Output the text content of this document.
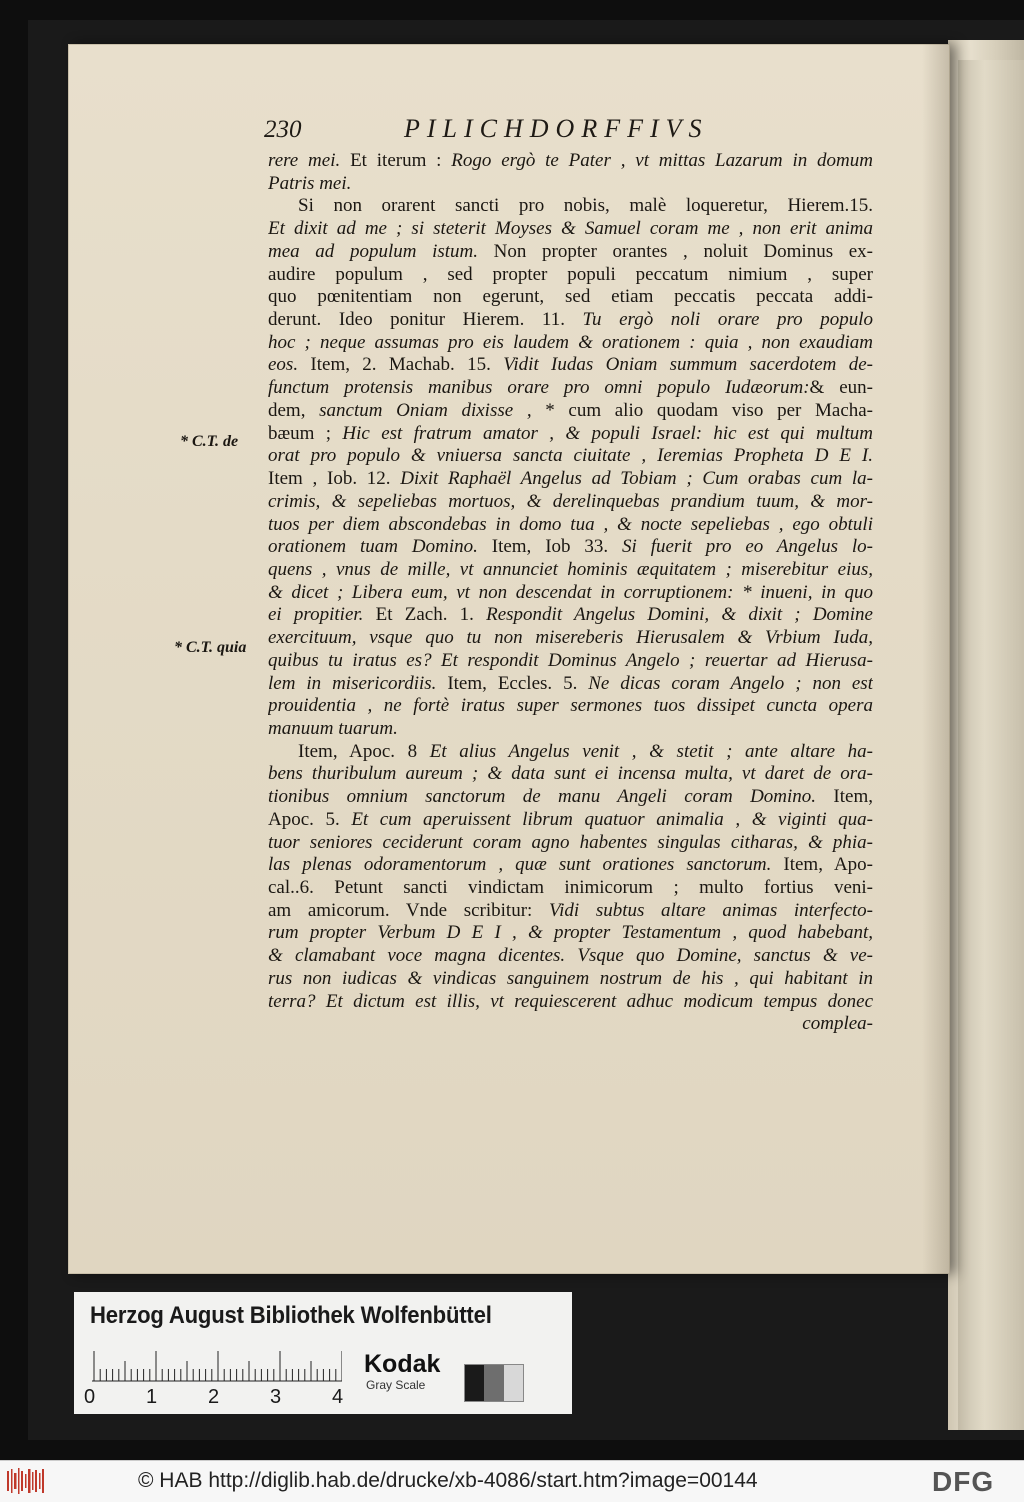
230	PILICHDORFFIVS
rere mei. Et iterum : Rogo ergò te Pater , vt mittas Lazarum in domum
Patris mei.
Si non orarent sancti pro nobis, malè loqueretur, Hierem.15.
Et dixit ad me ; si steterit Moyses & Samuel coram me , non erit anima
mea ad populum istum. Non propter orantes , noluit Dominus ex-
audire populum , sed propter populi peccatum nimium , super
quo pœnitentiam non egerunt, sed etiam peccatis peccata addi-
derunt. Ideo ponitur Hierem. 11. Tu ergò noli orare pro populo
hoc ; neque assumas pro eis laudem & orationem : quia , non exaudiam
eos. Item, 2. Machab. 15. Vidit Iudas Oniam summum sacerdotem de-
functum protensis manibus orare pro omni populo Iudæorum:& eun-
dem, sanctum Oniam dixisse , * cum alio quodam viso per Macha-
bæum ; Hic est fratrum amator , & populi Israel: hic est qui multum
orat pro populo & vniuersa sancta ciuitate , Ieremias Propheta D E I.
Item , Iob. 12. Dixit Raphaël Angelus ad Tobiam ; Cum orabas cum la-
crimis, & sepeliebas mortuos, & derelinquebas prandium tuum, & mor-
tuos per diem abscondebas in domo tua , & nocte sepeliebas , ego obtuli
orationem tuam Domino. Item, Iob 33. Si fuerit pro eo Angelus lo-
quens , vnus de mille, vt annunciet hominis æquitatem ; miserebitur eius,
& dicet ; Libera eum, vt non descendat in corruptionem: * inueni, in quo
ei propitier. Et Zach. 1. Respondit Angelus Domini, & dixit ; Domine
exercituum, vsque quo tu non misereberis Hierusalem & Vrbium Iuda,
quibus tu iratus es? Et respondit Dominus Angelo ; reuertar ad Hierusa-
lem in misericordiis. Item, Eccles. 5. Ne dicas coram Angelo ; non est
prouidentia , ne fortè iratus super sermones tuos dissipet cuncta opera
manuum tuarum.
Item, Apoc. 8 Et alius Angelus venit , & stetit ; ante altare ha-
bens thuribulum aureum ; & data sunt ei incensa multa, vt daret de ora-
tionibus omnium sanctorum de manu Angeli coram Domino. Item,
Apoc. 5. Et cum aperuissent librum quatuor animalia , & viginti qua-
tuor seniores ceciderunt coram agno habentes singulas citharas, & phia-
las plenas odoramentorum , quæ sunt orationes sanctorum. Item, Apo-
cal..6. Petunt sancti vindictam inimicorum ; multo fortius veni-
am amicorum. Vnde scribitur: Vidi subtus altare animas interfecto-
rum propter Verbum D E I , & propter Testamentum , quod habebant,
& clamabant voce magna dicentes. Vsque quo Domine, sanctus & ve-
rus non iudicas & vindicas sanguinem nostrum de his , qui habitant in
terra? Et dictum est illis, vt requiescerent adhuc modicum tempus donec
complea-
* C.T. de
* C.T. quia
Herzog August Bibliothek Wolfenbüttel
0	1	2	3	4
Kodak
Gray Scale
© HAB http://diglib.hab.de/drucke/xb-4086/start.htm?image=00144	DFG
